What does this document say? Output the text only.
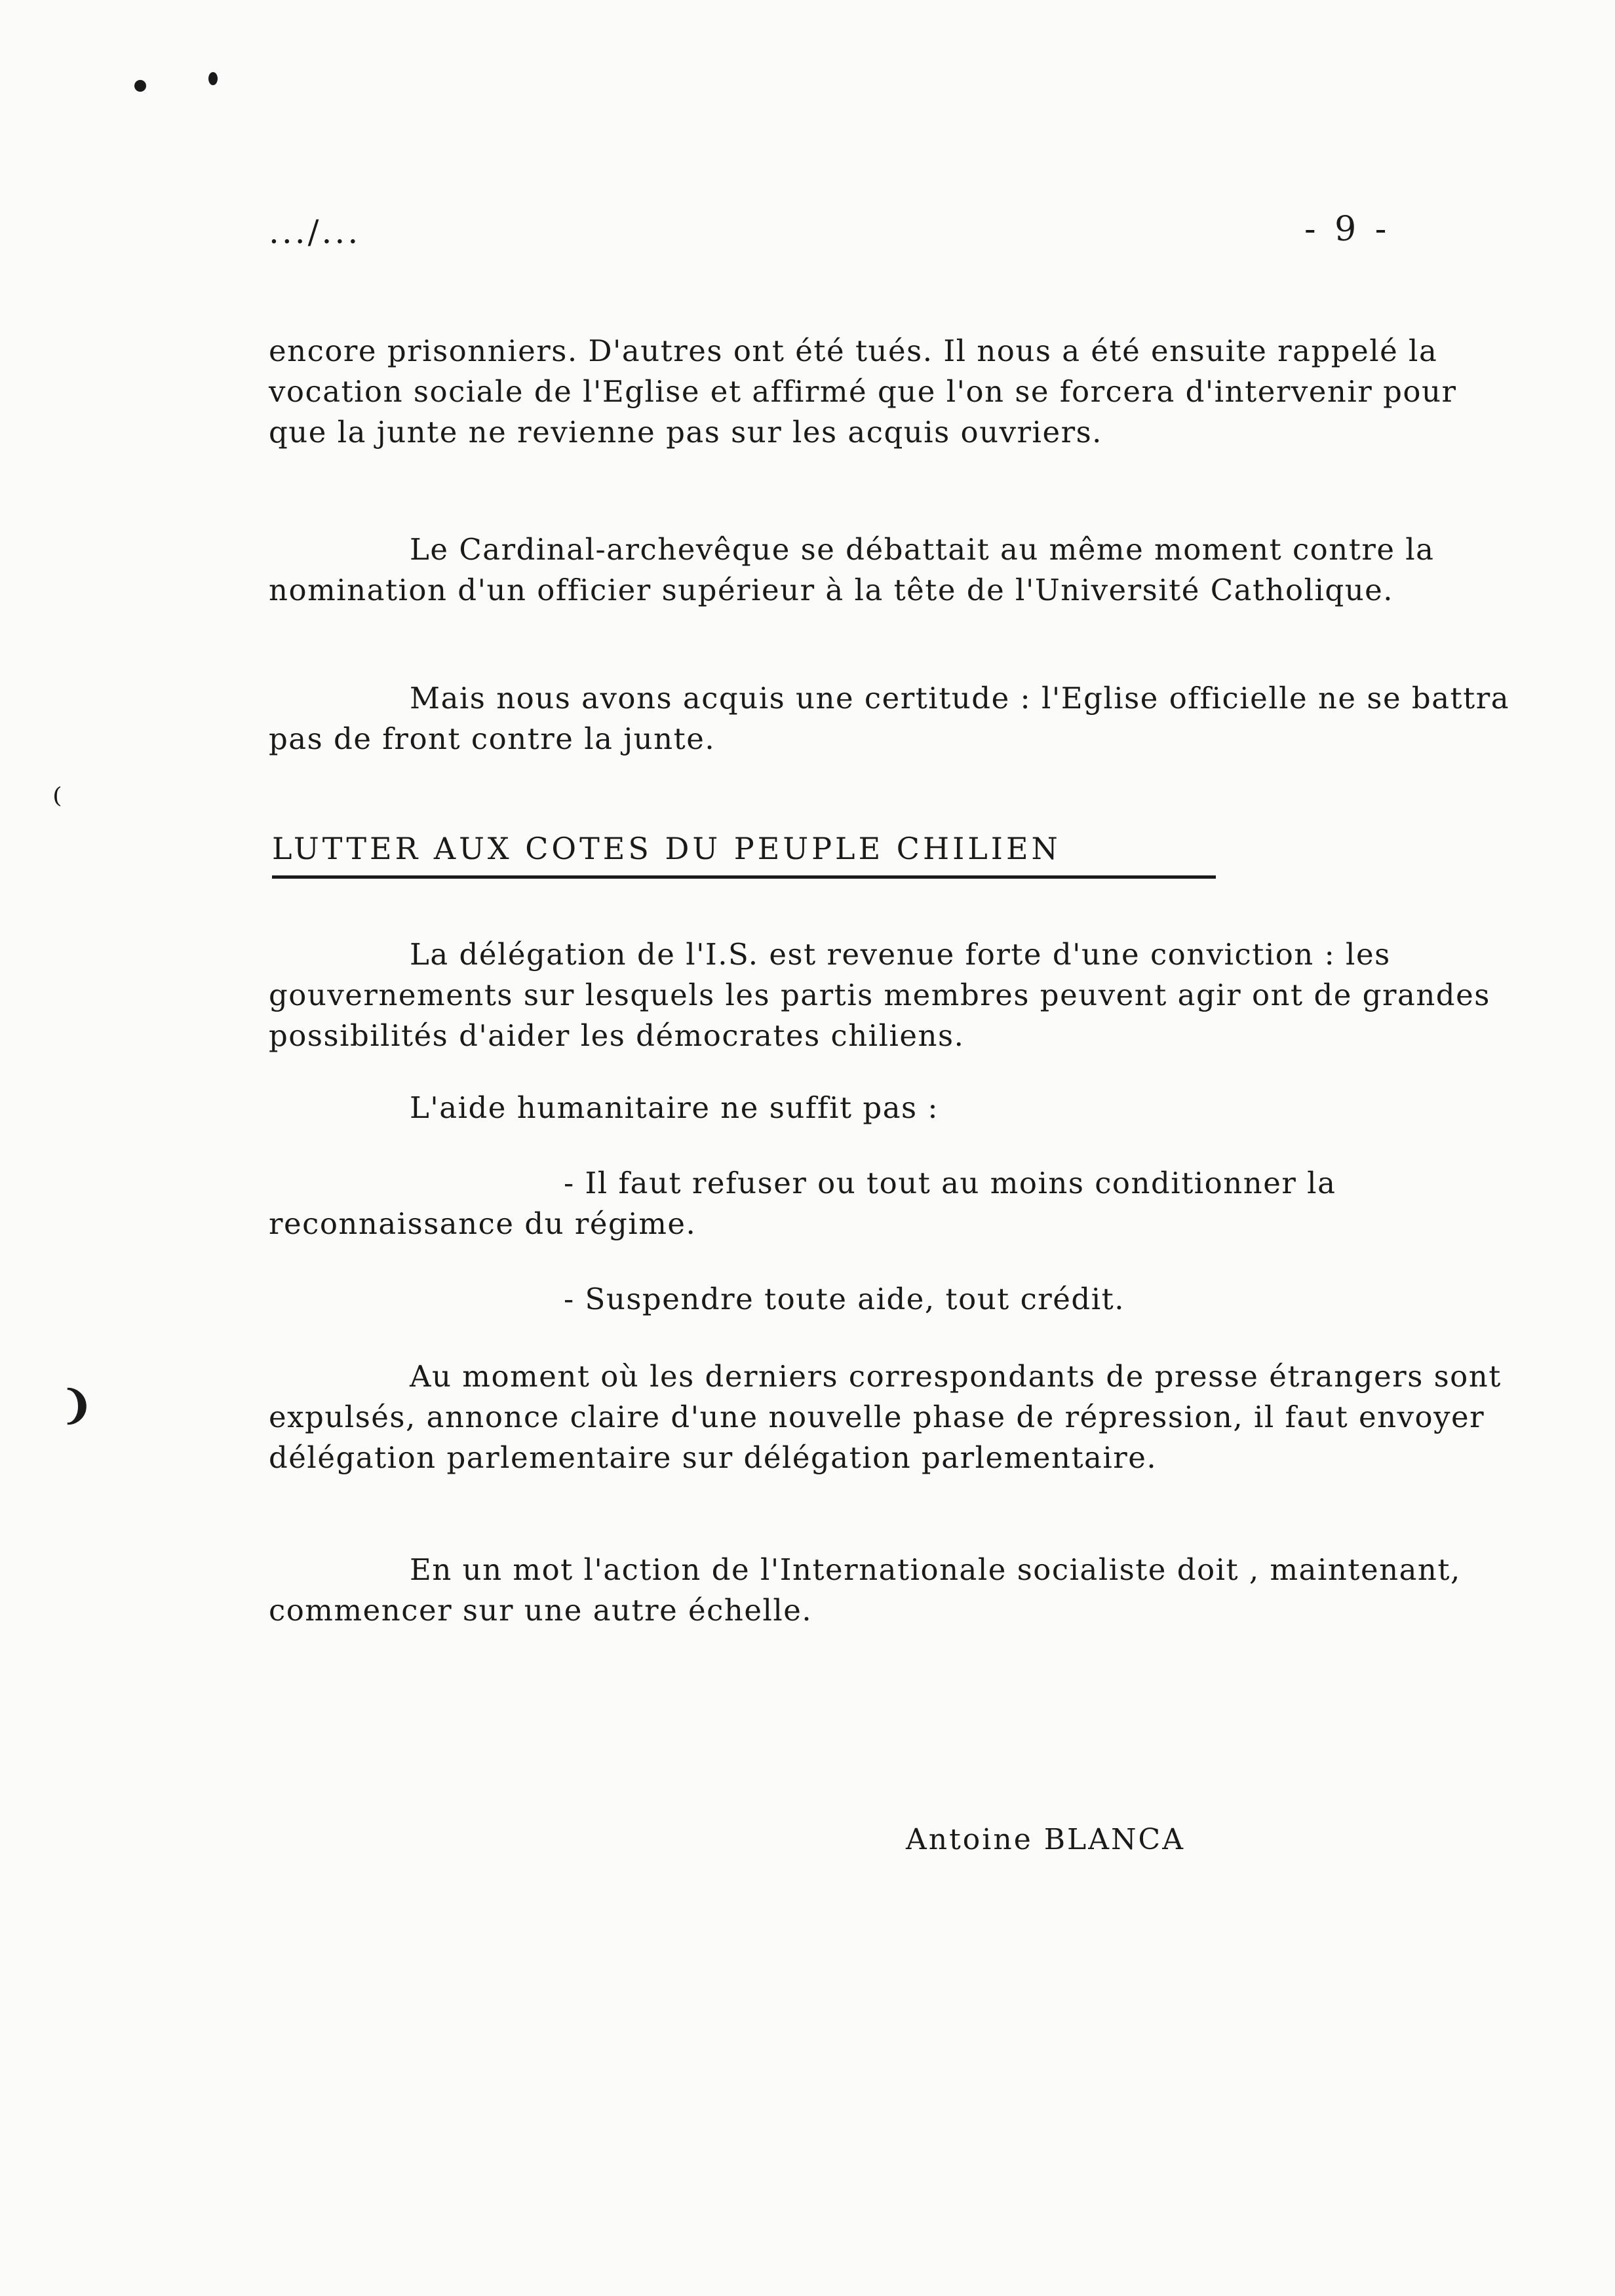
⁽
❩
.../...	- 9 -

encore prisonniers. D'autres ont été tués. Il nous a été ensuite rappelé la vocation sociale de l'Eglise et affirmé que l'on se forcera d'intervenir pour que la junte ne revienne pas sur les acquis ouvriers.

Le Cardinal-archevêque se débattait au même moment contre la nomination d'un officier supérieur à la tête de l'Université Catholique.

Mais nous avons acquis une certitude : l'Eglise officielle ne se battra pas de front contre la junte.

LUTTER AUX COTES DU PEUPLE CHILIEN

La délégation de l'I.S. est revenue forte d'une conviction : les gouvernements sur lesquels les partis membres peuvent agir ont de grandes possibilités d'aider les démocrates chiliens.

L'aide humanitaire ne suffit pas :

- Il faut refuser ou tout au moins conditionner la reconnaissance du régime.

- Suspendre toute aide, tout crédit.

Au moment où les derniers correspondants de presse étrangers sont expulsés, annonce claire d'une nouvelle phase de répression, il faut envoyer délégation parlementaire sur délégation parlementaire.

En un mot l'action de l'Internationale socialiste doit , maintenant, commencer sur une autre échelle.

Antoine BLANCA
